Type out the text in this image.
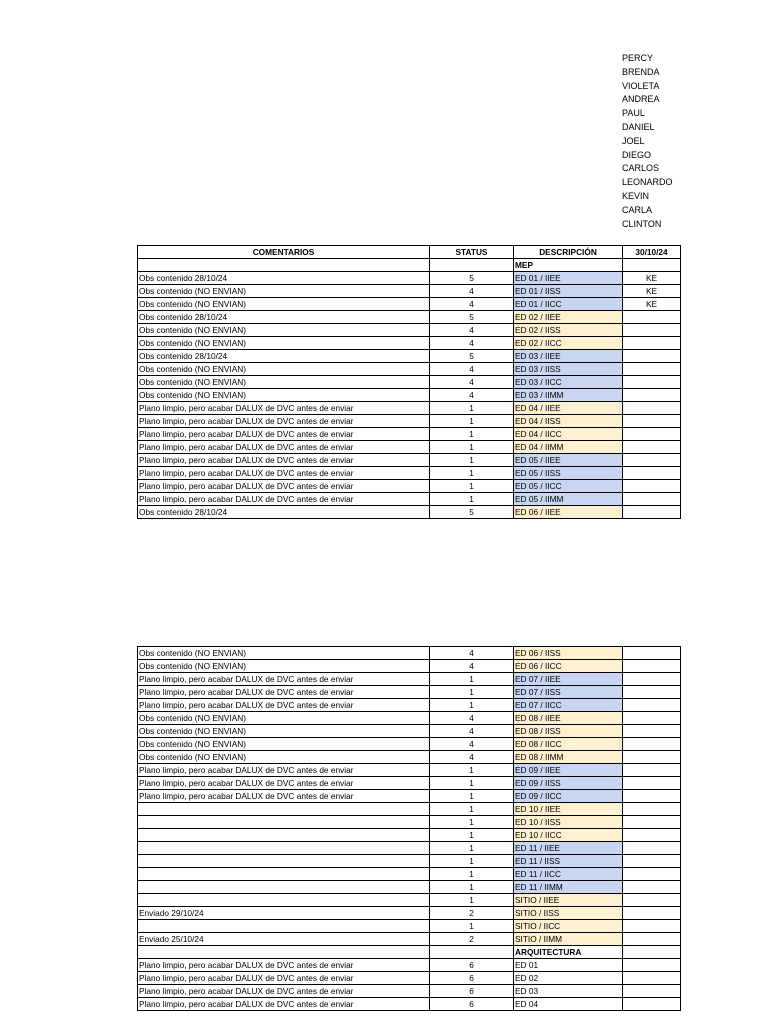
PERCY
BRENDA
VIOLETA
ANDREA
PAUL
DANIEL
JOEL
DIEGO
CARLOS
LEONARDO
KEVIN
CARLA
CLINTON
COMENTARIOS	STATUS	DESCRIPCIÓN	30/10/24
		MEP	
Obs contenido 28/10/24	5	ED 01 / IIEE	KE
Obs contenido (NO ENVIAN)	4	ED 01 / IISS	KE
Obs contenido (NO ENVIAN)	4	ED 01 / IICC	KE
Obs contenido 28/10/24	5	ED 02 / IIEE	
Obs contenido (NO ENVIAN)	4	ED 02 / IISS	
Obs contenido (NO ENVIAN)	4	ED 02 / IICC	
Obs contenido 28/10/24	5	ED 03 / IIEE	
Obs contenido (NO ENVIAN)	4	ED 03 / IISS	
Obs contenido (NO ENVIAN)	4	ED 03 / IICC	
Obs contenido (NO ENVIAN)	4	ED 03 / IIMM	
Plano limpio, pero acabar DALUX de DVC antes de enviar	1	ED 04 / IIEE	
Plano limpio, pero acabar DALUX de DVC antes de enviar	1	ED 04 / IISS	
Plano limpio, pero acabar DALUX de DVC antes de enviar	1	ED 04 / IICC	
Plano limpio, pero acabar DALUX de DVC antes de enviar	1	ED 04 / IIMM	
Plano limpio, pero acabar DALUX de DVC antes de enviar	1	ED 05 / IIEE	
Plano limpio, pero acabar DALUX de DVC antes de enviar	1	ED 05 / IISS	
Plano limpio, pero acabar DALUX de DVC antes de enviar	1	ED 05 / IICC	
Plano limpio, pero acabar DALUX de DVC antes de enviar	1	ED 05 / IIMM	
Obs contenido 28/10/24	5	ED 06 / IIEE	
Obs contenido (NO ENVIAN)	4	ED 06 / IISS	
Obs contenido (NO ENVIAN)	4	ED 06 / IICC	
Plano limpio, pero acabar DALUX de DVC antes de enviar	1	ED 07 / IIEE	
Plano limpio, pero acabar DALUX de DVC antes de enviar	1	ED 07 / IISS	
Plano limpio, pero acabar DALUX de DVC antes de enviar	1	ED 07 / IICC	
Obs contenido (NO ENVIAN)	4	ED 08 / IIEE	
Obs contenido (NO ENVIAN)	4	ED 08 / IISS	
Obs contenido (NO ENVIAN)	4	ED 08 / IICC	
Obs contenido (NO ENVIAN)	4	ED 08 / IIMM	
Plano limpio, pero acabar DALUX de DVC antes de enviar	1	ED 09 / IIEE	
Plano limpio, pero acabar DALUX de DVC antes de enviar	1	ED 09 / IISS	
Plano limpio, pero acabar DALUX de DVC antes de enviar	1	ED 09 / IICC	
	1	ED 10 / IIEE	
	1	ED 10 / IISS	
	1	ED 10 / IICC	
	1	ED 11 / IIEE	
	1	ED 11 / IISS	
	1	ED 11 / IICC	
	1	ED 11 / IIMM	
	1	SITIO / IIEE	
Enviado 29/10/24	2	SITIO / IISS	
	1	SITIO / IICC	
Enviado 25/10/24	2	SITIO / IIMM	
		ARQUITECTURA	
Plano limpio, pero acabar DALUX de DVC antes de enviar	6	ED 01	
Plano limpio, pero acabar DALUX de DVC antes de enviar	6	ED 02	
Plano limpio, pero acabar DALUX de DVC antes de enviar	6	ED 03	
Plano limpio, pero acabar DALUX de DVC antes de enviar	6	ED 04	
